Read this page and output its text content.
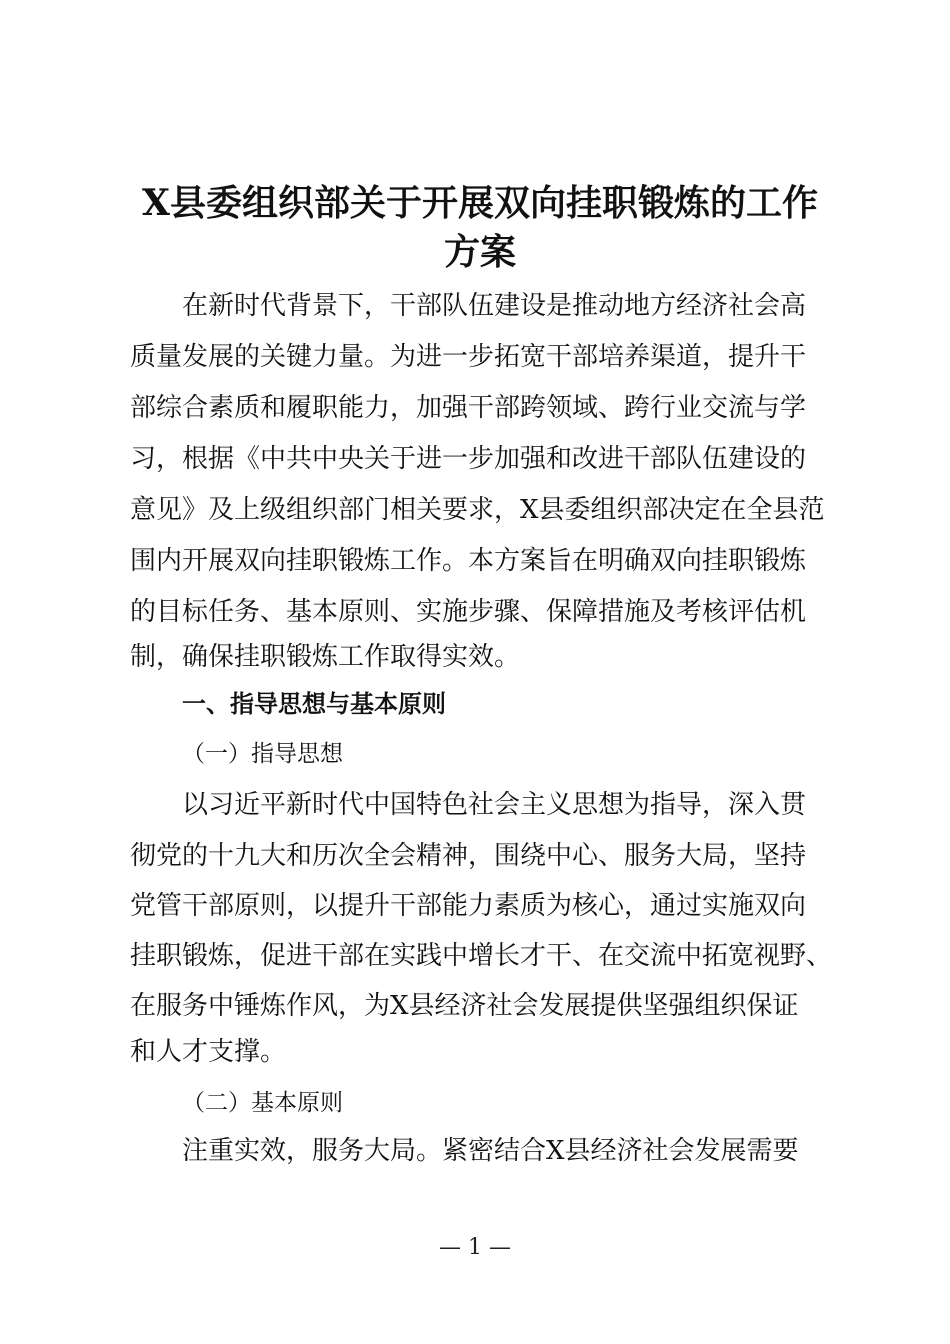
X县委组织部关于开展双向挂职锻炼的工作
方案
在新时代背景下，干部队伍建设是推动地方经济社会高
质量发展的关键力量。为进一步拓宽干部培养渠道，提升干
部综合素质和履职能力，加强干部跨领域、跨行业交流与学
习，根据《中共中央关于进一步加强和改进干部队伍建设的
意见》及上级组织部门相关要求，X县委组织部决定在全县范
围内开展双向挂职锻炼工作。本方案旨在明确双向挂职锻炼
的目标任务、基本原则、实施步骤、保障措施及考核评估机
制，确保挂职锻炼工作取得实效。
一、指导思想与基本原则
（一）指导思想
以习近平新时代中国特色社会主义思想为指导，深入贯
彻党的十九大和历次全会精神，围绕中心、服务大局，坚持
党管干部原则，以提升干部能力素质为核心，通过实施双向
挂职锻炼，促进干部在实践中增长才干、在交流中拓宽视野、
在服务中锤炼作风，为X县经济社会发展提供坚强组织保证
和人才支撑。
（二）基本原则
注重实效，服务大局。紧密结合X县经济社会发展需要
— 1 —
